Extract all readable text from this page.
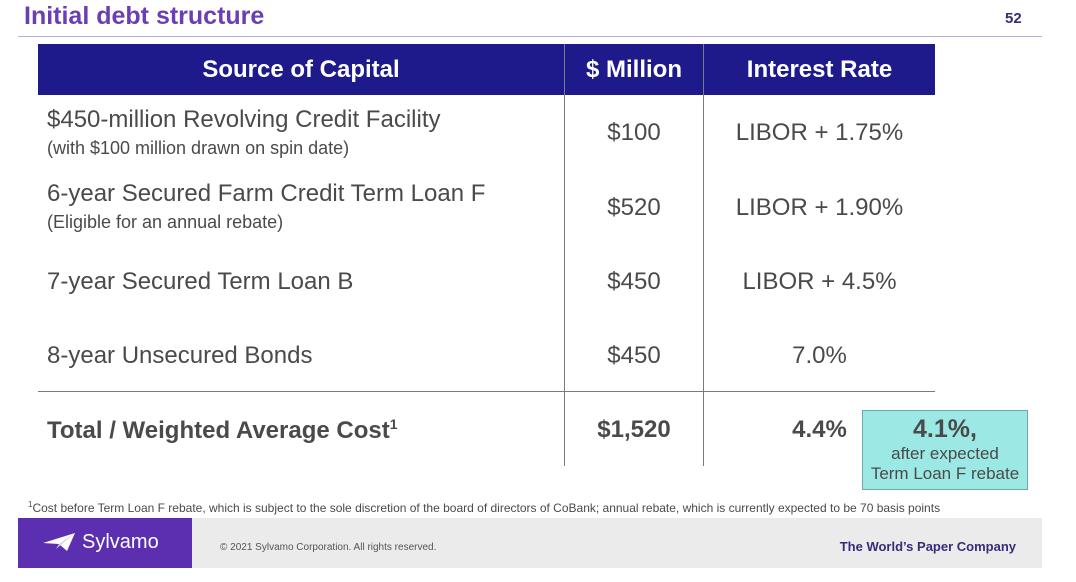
Initial debt structure	52
Source of Capital	$ Million	Interest Rate
$450-million Revolving Credit Facility
(with $100 million drawn on spin date)
$100	LIBOR + 1.75%
6-year Secured Farm Credit Term Loan F
(Eligible for an annual rebate)
$520	LIBOR + 1.90%
7-year Secured Term Loan B	$450	LIBOR + 4.5%
8-year Unsecured Bonds	$450	7.0%
Total / Weighted Average Cost$^1$	$1,520	4.4%	4.1%,
after expected
Term Loan F rebate
$^1$Cost before Term Loan F rebate, which is subject to the sole discretion of the board of directors of CoBank; annual rebate, which is currently expected to be 70 basis points
Sylvamo	© 2021 Sylvamo Corporation. All rights reserved.	The World’s Paper Company
